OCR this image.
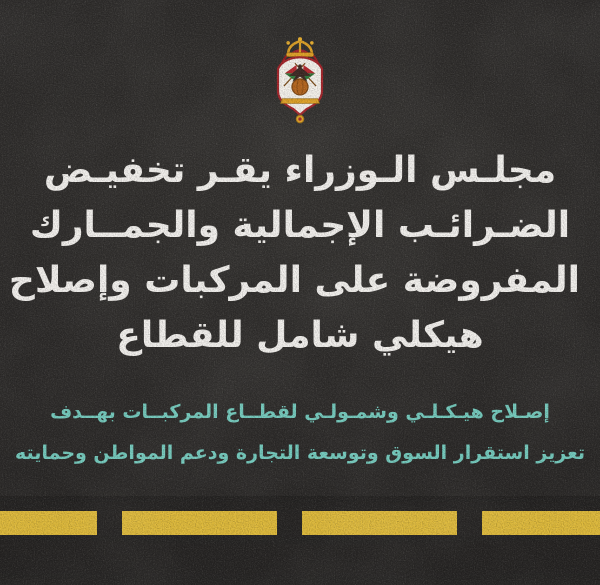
مجلـس الـوزراء يقـر تخفيـض
الضـرائـب الإجمالية والجمــارك
المفروضة على المركبات وإصلاح
هيكلي شامل للقطاع
إصـلاح هيـكـلـي وشمـولـي لقطــاع المركبــات بهــدف
تعزيز استقرار السوق وتوسعة التجارة ودعم المواطن وحمايته
